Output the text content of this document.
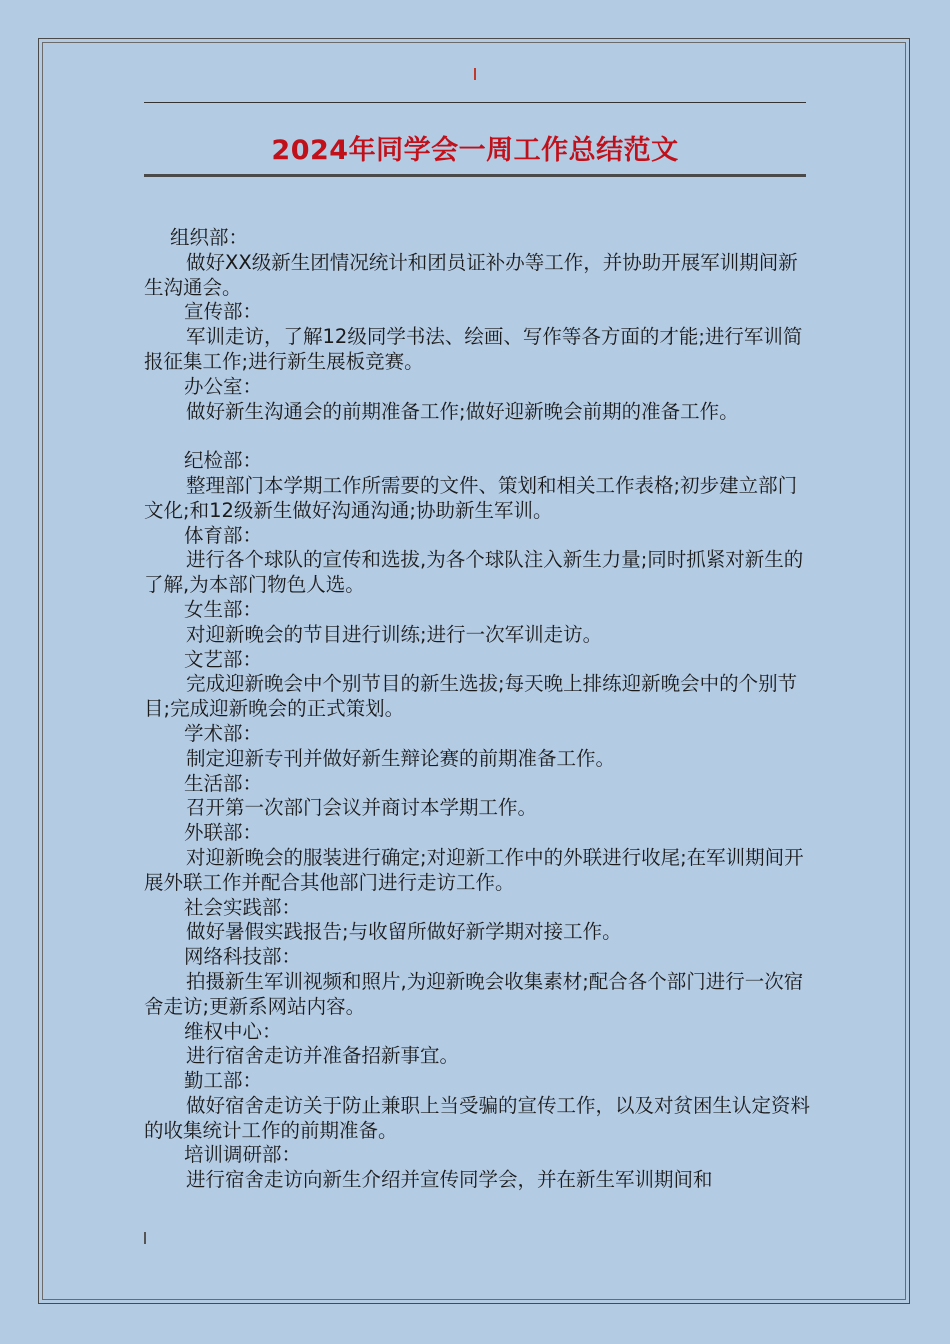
2024年同学会一周工作总结范文

组织部：

做好XX级新生团情况统计和团员证补办等工作，并协助开展军训期间新生沟通会。

宣传部：

军训走访，了解12级同学书法、绘画、写作等各方面的才能;进行军训简报征集工作;进行新生展板竞赛。

办公室：

做好新生沟通会的前期准备工作;做好迎新晚会前期的准备工作。

纪检部：

整理部门本学期工作所需要的文件、策划和相关工作表格;初步建立部门文化;和12级新生做好沟通沟通;协助新生军训。

体育部：

进行各个球队的宣传和选拔,为各个球队注入新生力量;同时抓紧对新生的了解,为本部门物色人选。

女生部：

对迎新晚会的节目进行训练;进行一次军训走访。

文艺部：

完成迎新晚会中个别节目的新生选拔;每天晚上排练迎新晚会中的个别节目;完成迎新晚会的正式策划。

学术部：

制定迎新专刊并做好新生辩论赛的前期准备工作。

生活部：

召开第一次部门会议并商讨本学期工作。

外联部：

对迎新晚会的服装进行确定;对迎新工作中的外联进行收尾;在军训期间开展外联工作并配合其他部门进行走访工作。

社会实践部：

做好暑假实践报告;与收留所做好新学期对接工作。

网络科技部：

拍摄新生军训视频和照片,为迎新晚会收集素材;配合各个部门进行一次宿舍走访;更新系网站内容。

维权中心：

进行宿舍走访并准备招新事宜。

勤工部：

做好宿舍走访关于防止兼职上当受骗的宣传工作，以及对贫困生认定资料的收集统计工作的前期准备。

培训调研部：

进行宿舍走访向新生介绍并宣传同学会，并在新生军训期间和
